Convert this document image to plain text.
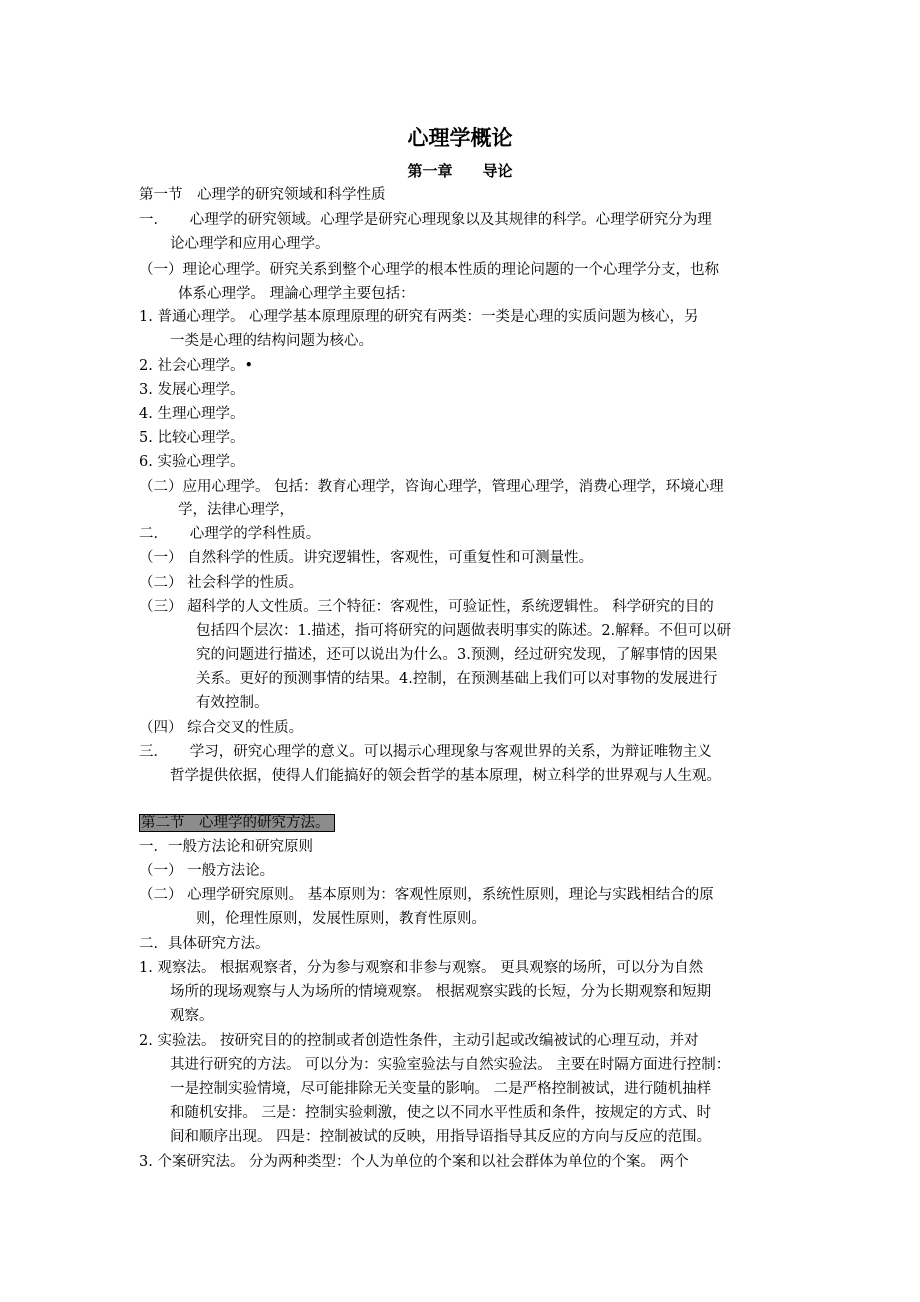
心理学概论
第一章 导论
第一节　心理学的研究领域和科学性质
一．　　心理学的研究领域。心理学是研究心理现象以及其规律的科学。心理学研究分为理
论心理学和应用心理学。
（一）理论心理学。研究关系到整个心理学的根本性质的理论问题的一个心理学分支，也称
体系心理学。 理論心理学主要包括：
1. 普通心理学。 心理学基本原理原理的研究有两类：一类是心理的实质问题为核心，另
一类是心理的结构问题为核心。
2. 社会心理学。•
3. 发展心理学。
4. 生理心理学。
5. 比较心理学。
6. 实验心理学。
（二）应用心理学。 包括：教育心理学，咨询心理学，管理心理学，消费心理学，环境心理
学，法律心理学，
二．　　心理学的学科性质。
（一） 自然科学的性质。讲究逻辑性，客观性，可重复性和可测量性。
（二） 社会科学的性质。
（三） 超科学的人文性质。三个特征：客观性，可验证性，系统逻辑性。 科学研究的目的
包括四个层次：1.描述，指可将研究的问题做表明事实的陈述。2.解释。不但可以研
究的问题进行描述，还可以说出为什么。3.预测，经过研究发现，了解事情的因果
关系。更好的预测事情的结果。4.控制，在预测基础上我们可以对事物的发展进行
有效控制。
（四） 综合交叉的性质。
三．　　学习，研究心理学的意义。可以揭示心理现象与客观世界的关系，为辩证唯物主义
哲学提供依据，使得人们能搞好的领会哲学的基本原理，树立科学的世界观与人生观。
第二节　心理学的研究方法。
一．一般方法论和研究原则
（一） 一般方法论。
（二） 心理学研究原则。 基本原则为：客观性原则，系统性原则，理论与实践相结合的原
则，伦理性原则，发展性原则，教育性原则。
二．具体研究方法。
1. 观察法。 根据观察者，分为参与观察和非参与观察。 更具观察的场所，可以分为自然
场所的现场观察与人为场所的情境观察。 根据观察实践的长短，分为长期观察和短期
观察。
2. 实验法。 按研究目的的控制或者创造性条件，主动引起或改编被试的心理互动，并对
其进行研究的方法。 可以分为：实验室验法与自然实验法。 主要在时隔方面进行控制：
一是控制实验情境，尽可能排除无关变量的影响。 二是严格控制被试，进行随机抽样
和随机安排。 三是：控制实验刺激，使之以不同水平性质和条件，按规定的方式、时
间和顺序出现。 四是：控制被试的反映，用指导语指导其反应的方向与反应的范围。
3. 个案研究法。 分为两种类型：个人为单位的个案和以社会群体为单位的个案。 两个
